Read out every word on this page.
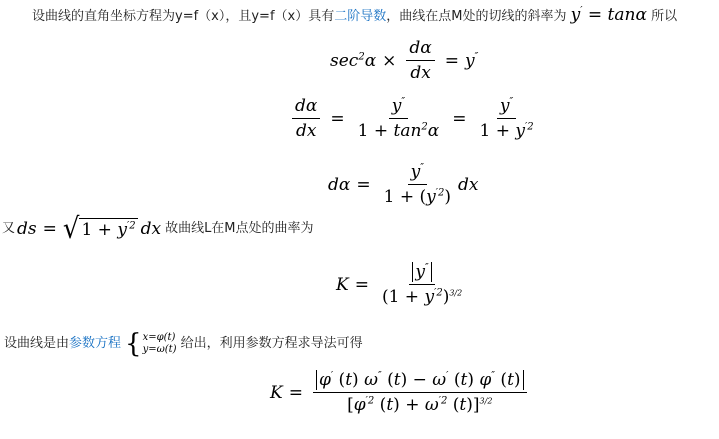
设曲线的直角坐标方程为y=f（x），且y=f（x）具有二阶导数，曲线在点M处的切线的斜率为 y′ = tanα 所以
$\sec^2\alpha \times \frac{d\alpha}{dx} = y''$
$\frac{d\alpha}{dx} = \frac{y''}{1 + \tan^2\alpha} = \frac{y''}{1 + y^{'2}}$
$d\alpha = \frac{y''}{1 + (y^{'2})}$ dx
又 ds = √ $1 + y^{'2}$ dx 故曲线L在M点处的曲率为
$K = \frac{y''}{(1 + y^{'2})^{3/2}}$
设曲线是由 参数方程 { x=φ(t)
y=ω(t) 给出，利用参数方程求导法可得
$K = \frac{\varphi' (t) \omega'' (t) - \omega' (t) \varphi'' (t)}{[\varphi^{'2} (t) + \omega^{'2} (t)]^{3/2}}$
